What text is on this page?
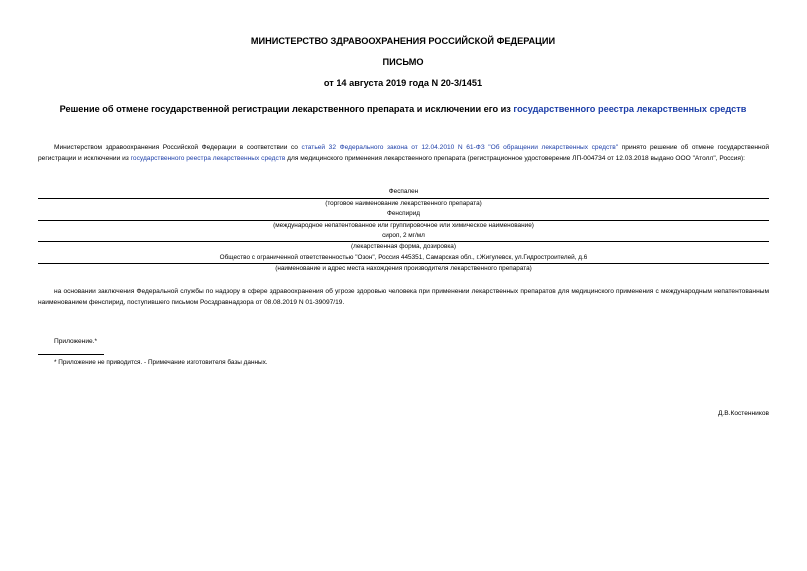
МИНИСТЕРСТВО ЗДРАВООХРАНЕНИЯ РОССИЙСКОЙ ФЕДЕРАЦИИ
ПИСЬМО
от 14 августа 2019 года N 20-3/1451
Решение об отмене государственной регистрации лекарственного препарата и исключении его из государственного реестра лекарственных средств
Министерством здравоохранения Российской Федерации в соответствии со статьей 32 Федерального закона от 12.04.2010 N 61-ФЗ "Об обращении лекарственных средств" принято решение об отмене государственной регистрации и исключении из государственного реестра лекарственных средств для медицинского применения лекарственного препарата (регистрационное удостоверение ЛП-004734 от 12.03.2018 выдано ООО "Атолл", Россия):
Феспален
(торговое наименование лекарственного препарата)
Фенспирид
(международное непатентованное или группировочное или химическое наименование)
сироп, 2 мг/мл
(лекарственная форма, дозировка)
Общество с ограниченной ответственностью "Озон", Россия 445351, Самарская обл., г.Жигулевск, ул.Гидростроителей, д.6
(наименование и адрес места нахождения производителя лекарственного препарата)
на основании заключения Федеральной службы по надзору в сфере здравоохранения об угрозе здоровью человека при применении лекарственных препаратов для медицинского применения с международным непатентованным наименованием фенспирид, поступившего письмом Росздравнадзора от 08.08.2019 N 01-39097/19.
Приложение.*
* Приложение не приводится. - Примечание изготовителя базы данных.
Д.В.Костенников
